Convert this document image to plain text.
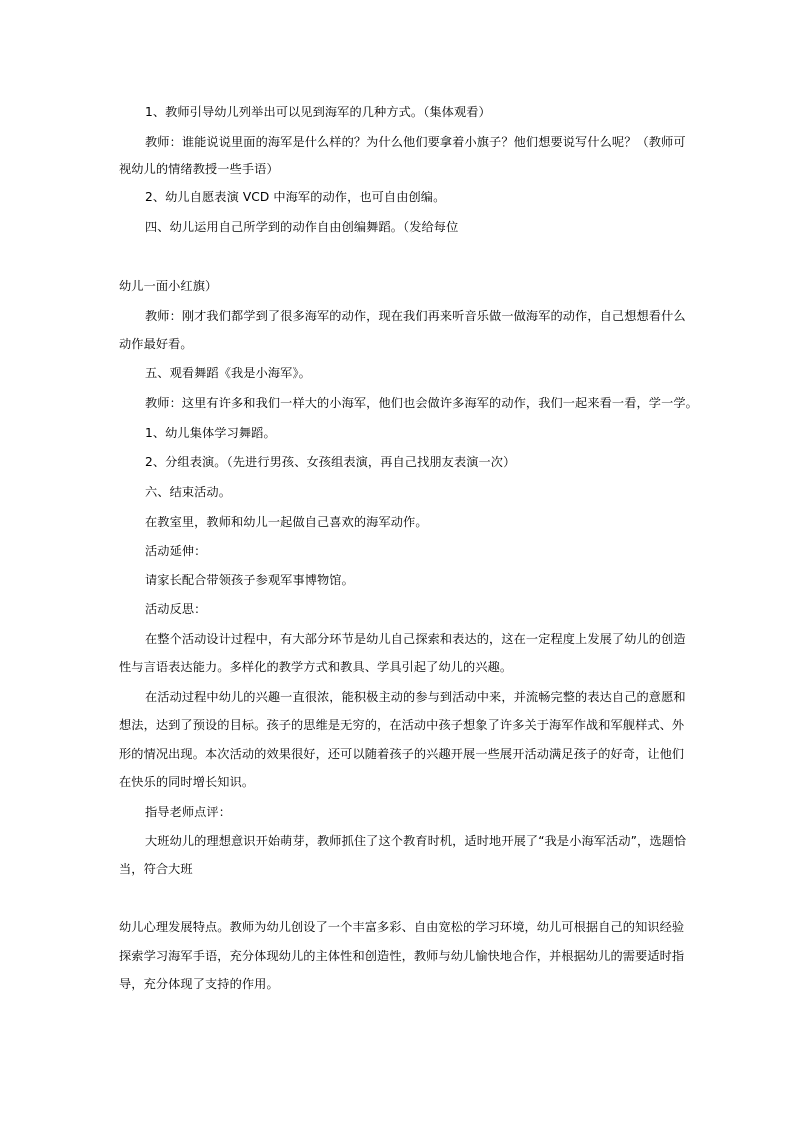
1、教师引导幼儿列举出可以见到海军的几种方式。（集体观看）
教师：谁能说说里面的海军是什么样的？为什么他们要拿着小旗子？他们想要说写什么呢？（教师可
视幼儿的情绪教授一些手语）
2、幼儿自愿表演 VCD 中海军的动作，也可自由创编。
四、幼儿运用自己所学到的动作自由创编舞蹈。（发给每位
幼儿一面小红旗）
教师：刚才我们都学到了很多海军的动作，现在我们再来听音乐做一做海军的动作，自己想想看什么
动作最好看。
五、观看舞蹈《我是小海军》。
教师：这里有许多和我们一样大的小海军，他们也会做许多海军的动作，我们一起来看一看，学一学。
1、幼儿集体学习舞蹈。
2、分组表演。（先进行男孩、女孩组表演，再自己找朋友表演一次）
六、结束活动。
在教室里，教师和幼儿一起做自己喜欢的海军动作。
活动延伸：
请家长配合带领孩子参观军事博物馆。
活动反思：
在整个活动设计过程中，有大部分环节是幼儿自己探索和表达的，这在一定程度上发展了幼儿的创造
性与言语表达能力。多样化的教学方式和教具、学具引起了幼儿的兴趣。
在活动过程中幼儿的兴趣一直很浓，能积极主动的参与到活动中来，并流畅完整的表达自己的意愿和
想法，达到了预设的目标。孩子的思维是无穷的，在活动中孩子想象了许多关于海军作战和军舰样式、外
形的情况出现。本次活动的效果很好，还可以随着孩子的兴趣开展一些展开活动满足孩子的好奇，让他们
在快乐的同时增长知识。
指导老师点评：
大班幼儿的理想意识开始萌芽，教师抓住了这个教育时机，适时地开展了“我是小海军活动”，选题恰
当，符合大班
幼儿心理发展特点。教师为幼儿创设了一个丰富多彩、自由宽松的学习环境，幼儿可根据自己的知识经验
探索学习海军手语，充分体现幼儿的主体性和创造性，教师与幼儿愉快地合作，并根据幼儿的需要适时指
导，充分体现了支持的作用。
